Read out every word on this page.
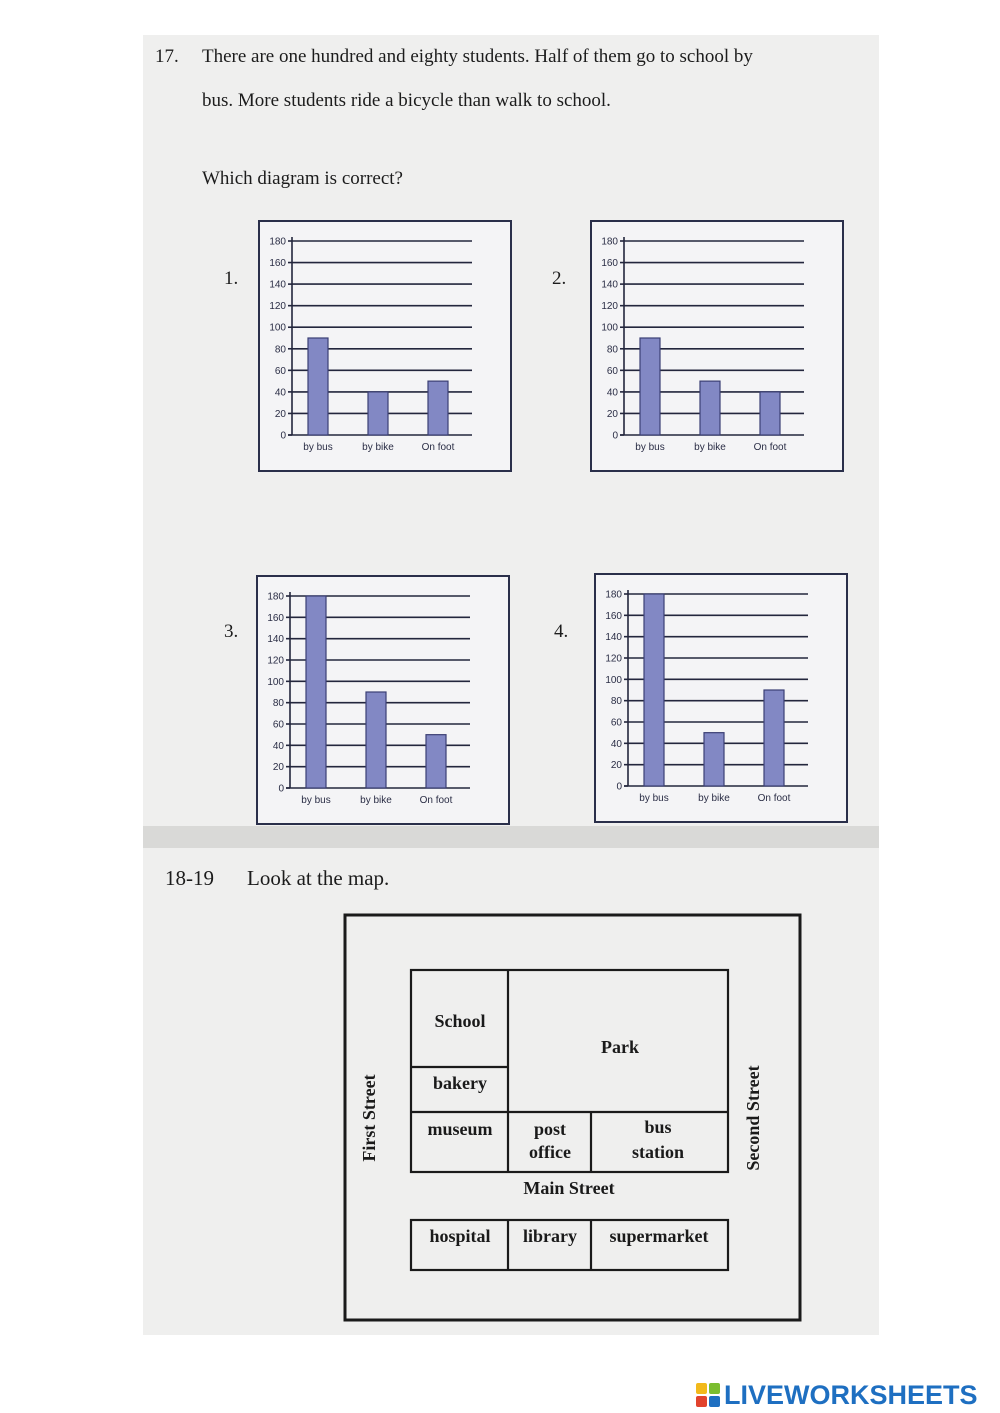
17. There are one hundred and eighty students. Half of them go to school by
bus. More students ride a bicycle than walk to school.
Which diagram is correct?
1.	2.
3.	4.
0
20
40
60
80
100
120
140
160
180
by bus	by bike	On foot
0
20
40
60
80
100
120
140
160
180
by bus	by bike	On foot
0
20
40
60
80
100
120
140
160
180
by bus	by bike	On foot
0
20
40
60
80
100
120
140
160
180
by bus	by bike	On foot
18-19 Look at the map.
School
Park
bakery
museum post
office
bus
station
Main Street
hospital library supermarket
First Street	Second Street
LIVEWORKSHEETS
